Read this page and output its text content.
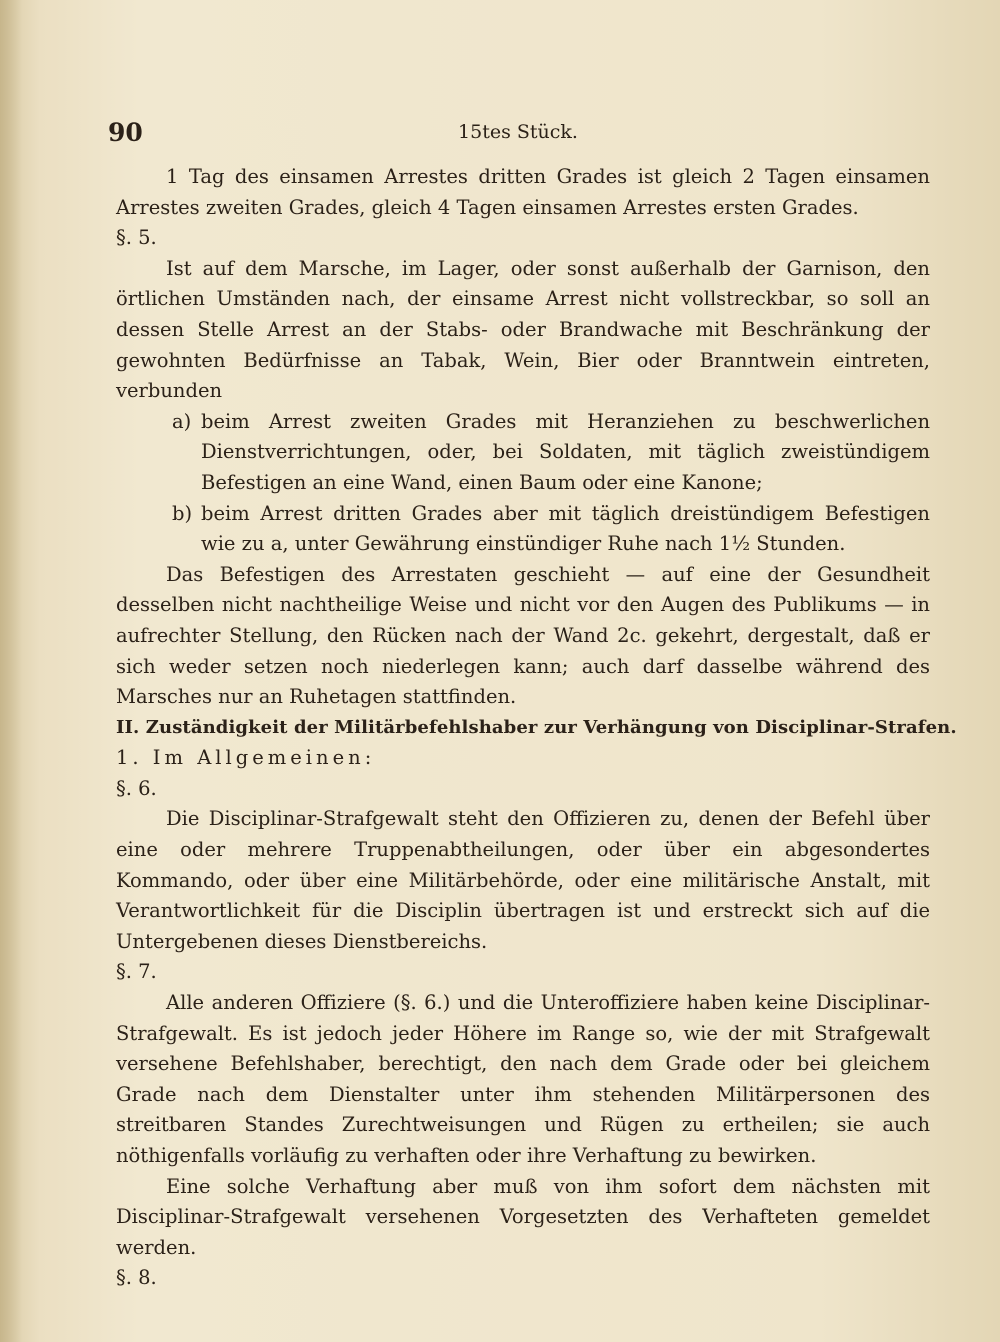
90	15tes Stück.

1 Tag des einsamen Arrestes dritten Grades ist gleich 2 Tagen einsamen Arrestes zweiten Grades, gleich 4 Tagen einsamen Arrestes ersten Grades.

§. 5.

Ist auf dem Marsche, im Lager, oder sonst außerhalb der Garnison, den örtlichen Umständen nach, der einsame Arrest nicht vollstreckbar, so soll an dessen Stelle Arrest an der Stabs- oder Brandwache mit Beschränkung der gewohnten Bedürfnisse an Tabak, Wein, Bier oder Branntwein eintreten, verbunden

a) beim Arrest zweiten Grades mit Heranziehen zu beschwerlichen Dienstverrichtungen, oder, bei Soldaten, mit täglich zweistündigem Befestigen an eine Wand, einen Baum oder eine Kanone;
b) beim Arrest dritten Grades aber mit täglich dreistündigem Befestigen wie zu a, unter Gewährung einstündiger Ruhe nach 1½ Stunden.

Das Befestigen des Arrestaten geschieht — auf eine der Gesundheit desselben nicht nachtheilige Weise und nicht vor den Augen des Publikums — in aufrechter Stellung, den Rücken nach der Wand 2c. gekehrt, dergestalt, daß er sich weder setzen noch niederlegen kann; auch darf dasselbe während des Marsches nur an Ruhetagen stattfinden.

II. Zuständigkeit der Militärbefehlshaber zur Verhängung von Disciplinar-Strafen.

1. Im Allgemeinen:

§. 6.

Die Disciplinar-Strafgewalt steht den Offizieren zu, denen der Befehl über eine oder mehrere Truppenabtheilungen, oder über ein abgesondertes Kommando, oder über eine Militärbehörde, oder eine militärische Anstalt, mit Verantwortlichkeit für die Disciplin übertragen ist und erstreckt sich auf die Untergebenen dieses Dienstbereichs.

§. 7.

Alle anderen Offiziere (§. 6.) und die Unteroffiziere haben keine Disciplinar-Strafgewalt. Es ist jedoch jeder Höhere im Range so, wie der mit Strafgewalt versehene Befehlshaber, berechtigt, den nach dem Grade oder bei gleichem Grade nach dem Dienstalter unter ihm stehenden Militärpersonen des streitbaren Standes Zurechtweisungen und Rügen zu ertheilen; sie auch nöthigenfalls vorläufig zu verhaften oder ihre Verhaftung zu bewirken.

Eine solche Verhaftung aber muß von ihm sofort dem nächsten mit Disciplinar-Strafgewalt versehenen Vorgesetzten des Verhafteten gemeldet werden.

§. 8.
